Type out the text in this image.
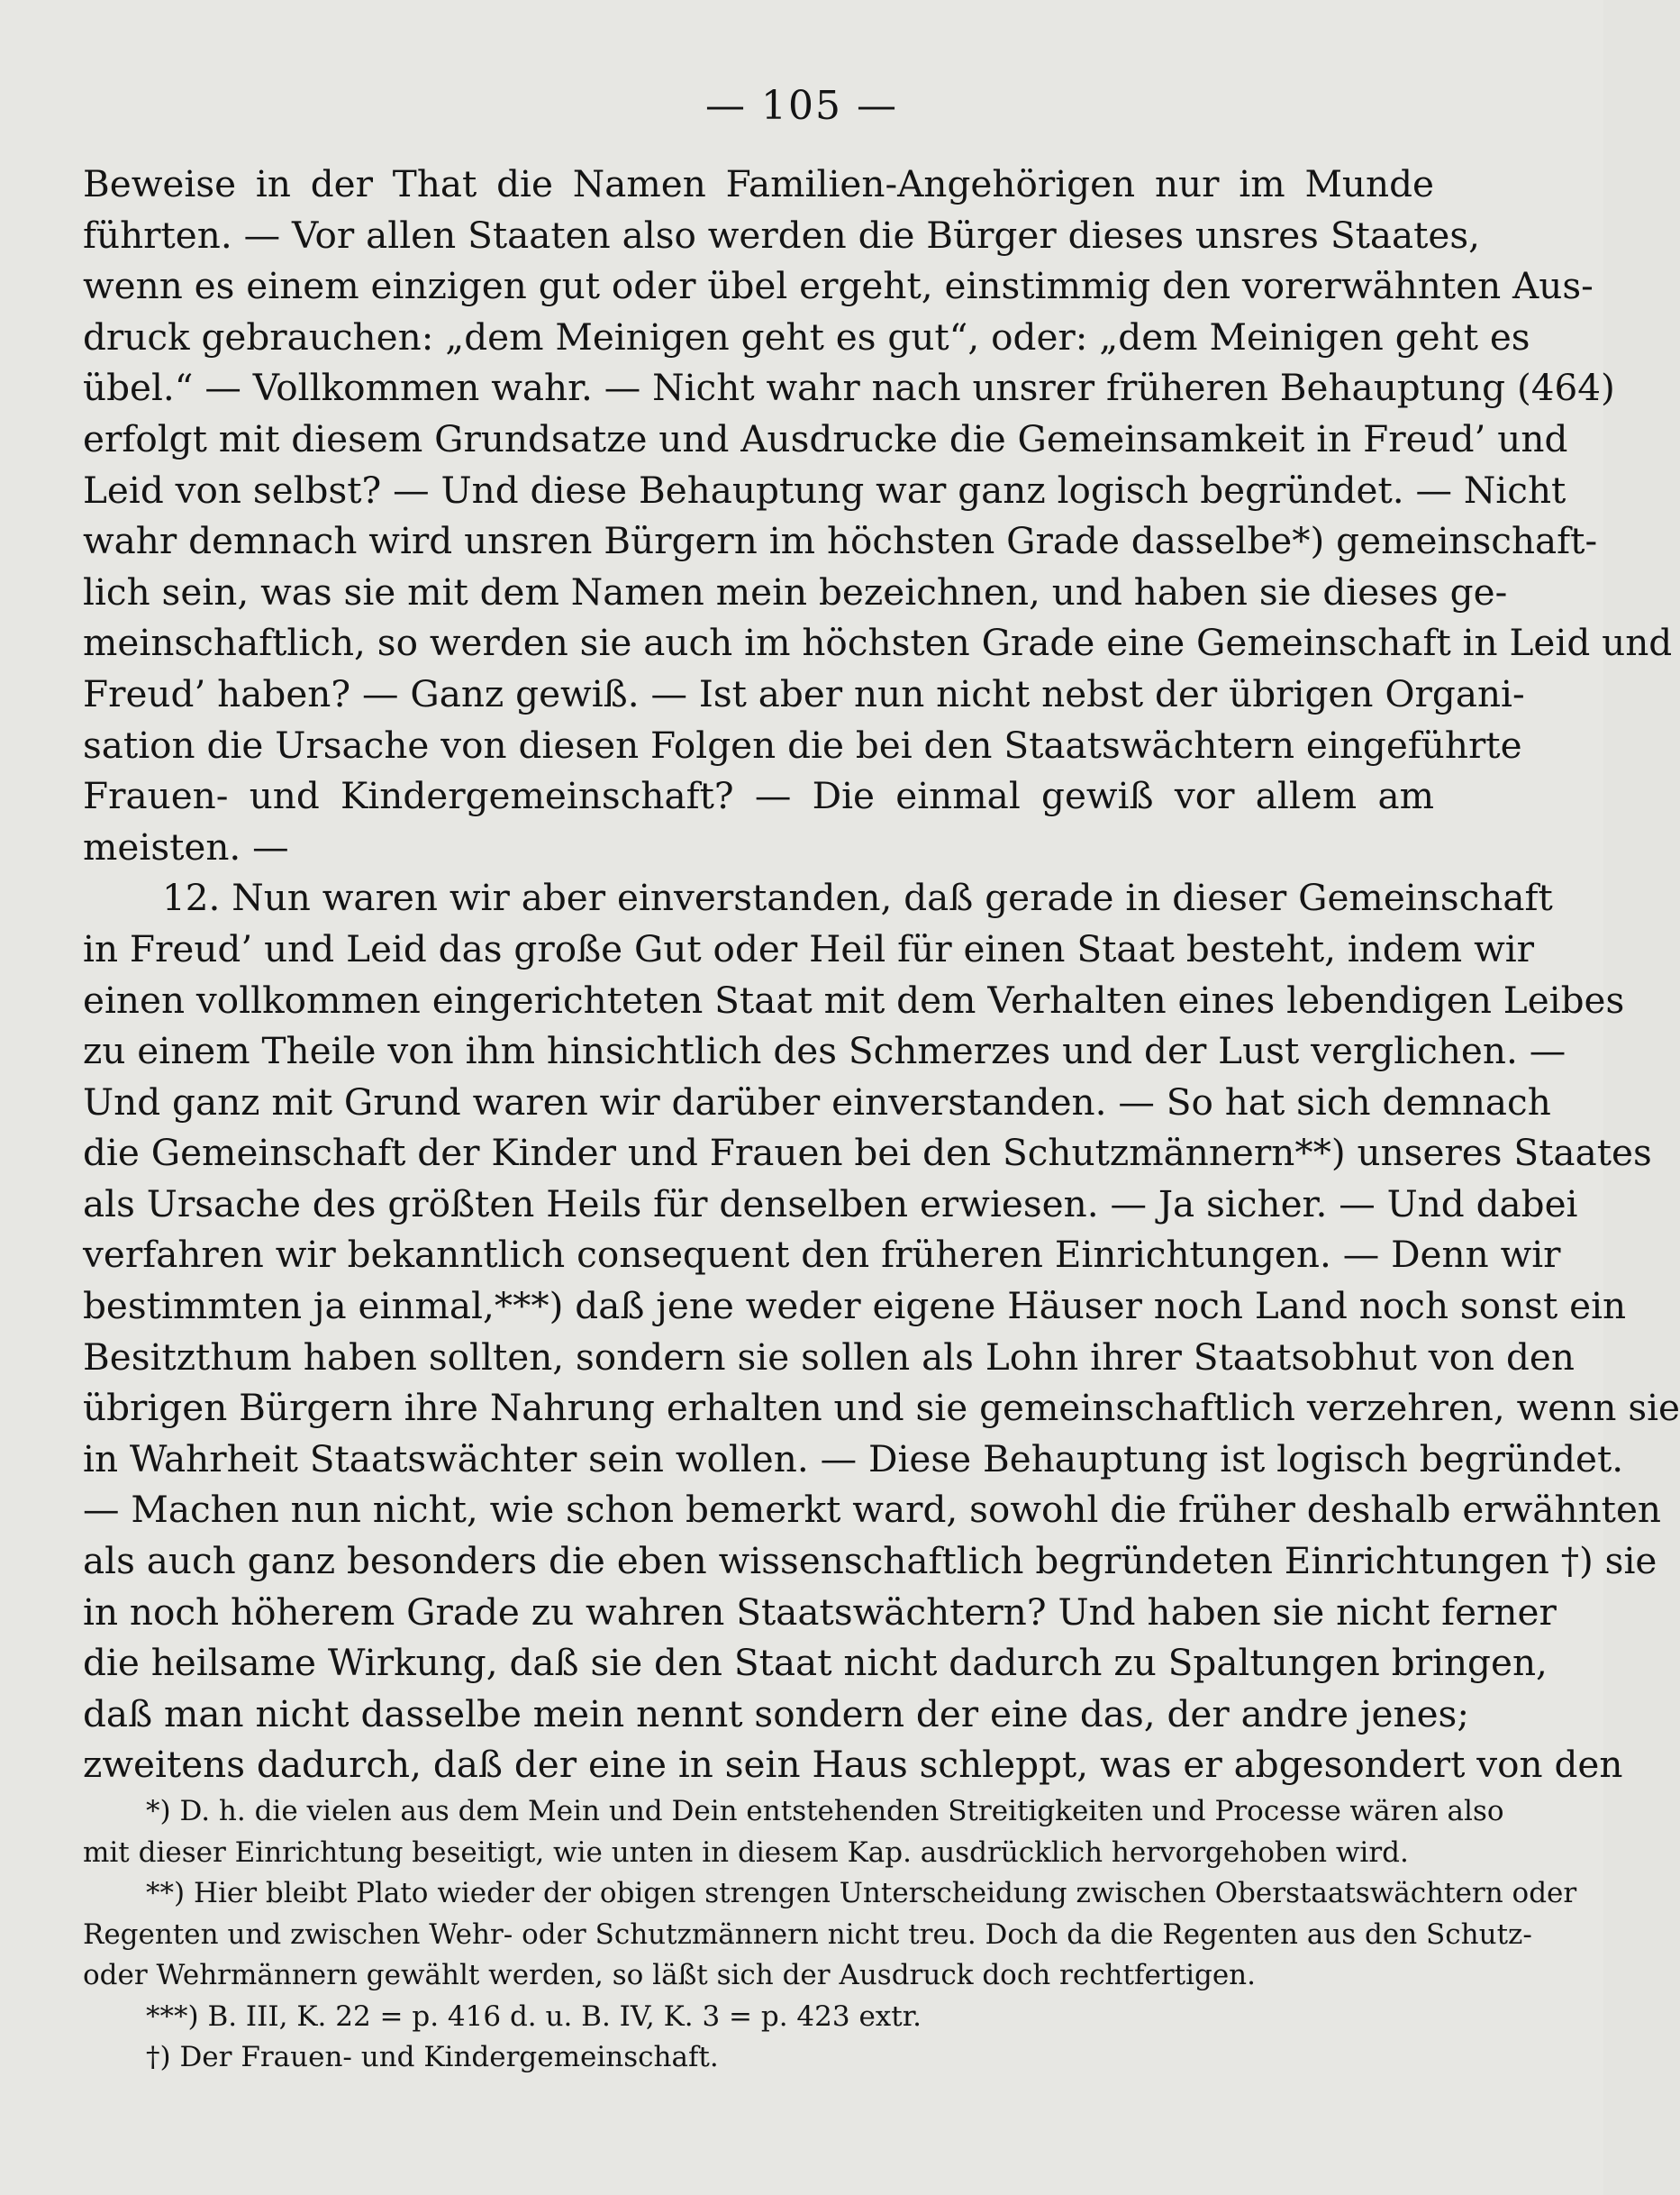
— 105 —
Beweise in der That die Namen Familien-Angehörigen nur im Munde
führten. — Vor allen Staaten also werden die Bürger dieses unsres Staates,
wenn es einem einzigen gut oder übel ergeht, einstimmig den vorerwähnten Aus-
druck gebrauchen: „dem Meinigen geht es gut“, oder: „dem Meinigen geht es
übel.“ — Vollkommen wahr. — Nicht wahr nach unsrer früheren Behauptung (464)
erfolgt mit diesem Grundsatze und Ausdrucke die Gemeinsamkeit in Freud’ und
Leid von selbst? — Und diese Behauptung war ganz logisch begründet. — Nicht
wahr demnach wird unsren Bürgern im höchsten Grade dasselbe*) gemeinschaft-
lich sein, was sie mit dem Namen mein bezeichnen, und haben sie dieses ge-
meinschaftlich, so werden sie auch im höchsten Grade eine Gemeinschaft in Leid und
Freud’ haben? — Ganz gewiß. — Ist aber nun nicht nebst der übrigen Organi-
sation die Ursache von diesen Folgen die bei den Staatswächtern eingeführte
Frauen- und Kindergemeinschaft? — Die einmal gewiß vor allem am
meisten. —
12. Nun waren wir aber einverstanden, daß gerade in dieser Gemeinschaft
in Freud’ und Leid das große Gut oder Heil für einen Staat besteht, indem wir
einen vollkommen eingerichteten Staat mit dem Verhalten eines lebendigen Leibes
zu einem Theile von ihm hinsichtlich des Schmerzes und der Lust verglichen. —
Und ganz mit Grund waren wir darüber einverstanden. — So hat sich demnach
die Gemeinschaft der Kinder und Frauen bei den Schutzmännern**) unseres Staates
als Ursache des größten Heils für denselben erwiesen. — Ja sicher. — Und dabei
verfahren wir bekanntlich consequent den früheren Einrichtungen. — Denn wir
bestimmten ja einmal,***) daß jene weder eigene Häuser noch Land noch sonst ein
Besitzthum haben sollten, sondern sie sollen als Lohn ihrer Staatsobhut von den
übrigen Bürgern ihre Nahrung erhalten und sie gemeinschaftlich verzehren, wenn sie
in Wahrheit Staatswächter sein wollen. — Diese Behauptung ist logisch begründet.
— Machen nun nicht, wie schon bemerkt ward, sowohl die früher deshalb erwähnten
als auch ganz besonders die eben wissenschaftlich begründeten Einrichtungen †) sie
in noch höherem Grade zu wahren Staatswächtern? Und haben sie nicht ferner
die heilsame Wirkung, daß sie den Staat nicht dadurch zu Spaltungen bringen,
daß man nicht dasselbe mein nennt sondern der eine das, der andre jenes;
zweitens dadurch, daß der eine in sein Haus schleppt, was er abgesondert von den
*) D. h. die vielen aus dem Mein und Dein entstehenden Streitigkeiten und Processe wären also
mit dieser Einrichtung beseitigt, wie unten in diesem Kap. ausdrücklich hervorgehoben wird.
**) Hier bleibt Plato wieder der obigen strengen Unterscheidung zwischen Oberstaatswächtern oder
Regenten und zwischen Wehr- oder Schutzmännern nicht treu. Doch da die Regenten aus den Schutz-
oder Wehrmännern gewählt werden, so läßt sich der Ausdruck doch rechtfertigen.
***) B. III, K. 22 = p. 416 d. u. B. IV, K. 3 = p. 423 extr.
†) Der Frauen- und Kindergemeinschaft.
